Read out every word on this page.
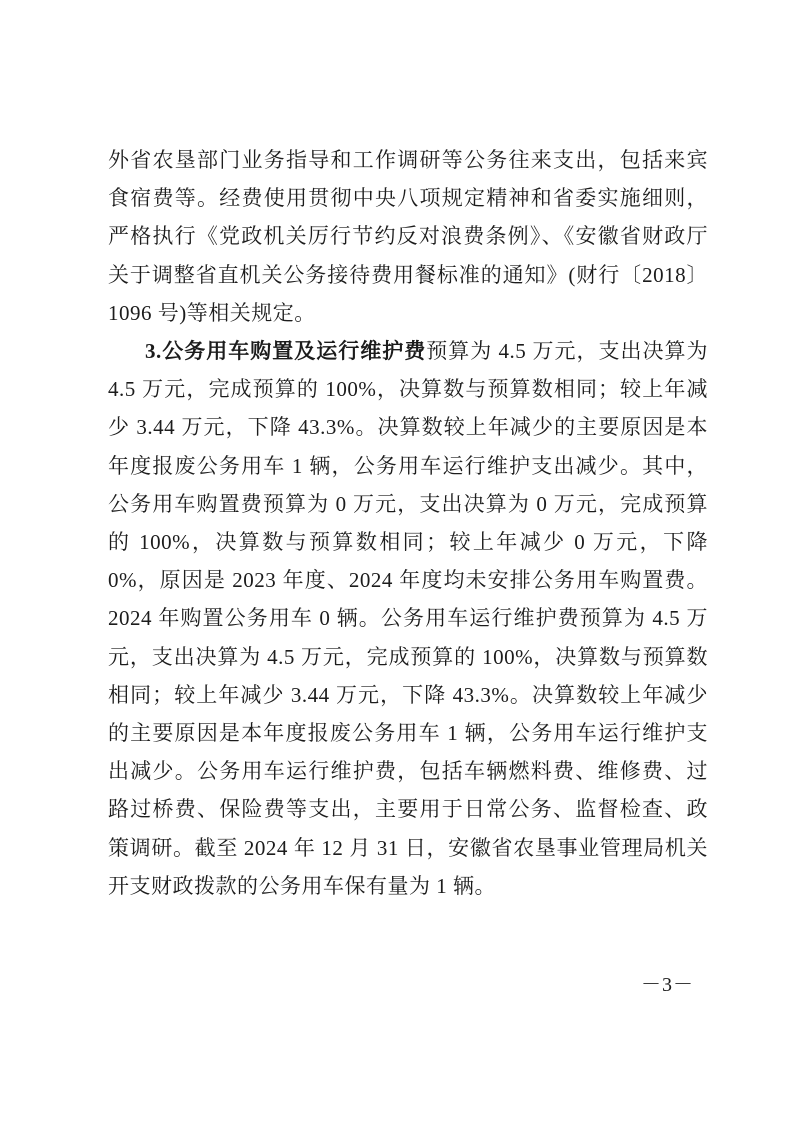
外省农垦部门业务指导和工作调研等公务往来支出，包括来宾食宿费等。经费使用贯彻中央八项规定精神和省委实施细则，严格执行《党政机关厉行节约反对浪费条例》、《安徽省财政厅关于调整省直机关公务接待费用餐标准的通知》(财行〔2018〕1096 号)等相关规定。

3.公务用车购置及运行维护费预算为 4.5 万元，支出决算为 4.5 万元，完成预算的 100%，决算数与预算数相同；较上年减少 3.44 万元，下降 43.3%。决算数较上年减少的主要原因是本年度报废公务用车 1 辆，公务用车运行维护支出减少。其中，公务用车购置费预算为 0 万元，支出决算为 0 万元，完成预算的 100%，决算数与预算数相同；较上年减少 0 万元，下降 0%，原因是 2023 年度、2024 年度均未安排公务用车购置费。2024 年购置公务用车 0 辆。公务用车运行维护费预算为 4.5 万元，支出决算为 4.5 万元，完成预算的 100%，决算数与预算数相同；较上年减少 3.44 万元，下降 43.3%。决算数较上年减少的主要原因是本年度报废公务用车 1 辆，公务用车运行维护支出减少。公务用车运行维护费，包括车辆燃料费、维修费、过路过桥费、保险费等支出，主要用于日常公务、监督检查、政策调研。截至 2024 年 12 月 31 日，安徽省农垦事业管理局机关开支财政拨款的公务用车保有量为 1 辆。

－3－
